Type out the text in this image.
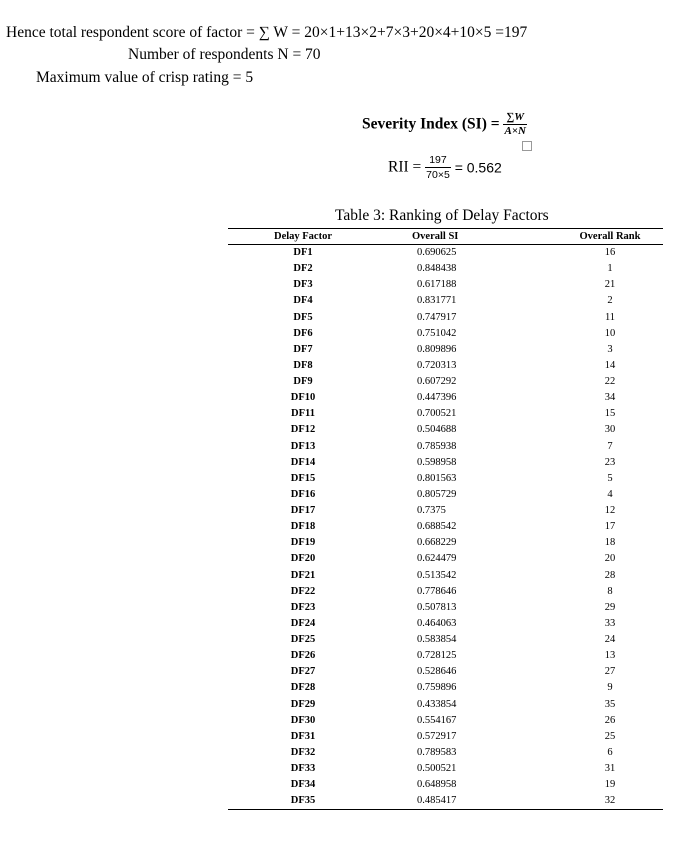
Hence total respondent score of factor = ∑ W = 20×1+13×2+7×3+20×4+10×5 =197
Number of respondents N = 70
Maximum value of crisp rating = 5
Severity Index $(SI) = \frac{\sum W}{A\times N}$
RII = $\frac{197}{70\times 5} = 0.562$
Table 3: Ranking of Delay Factors
Delay Factor	Overall SI	Overall Rank
DF1	0.690625	16
DF2	0.848438	1
DF3	0.617188	21
DF4	0.831771	2
DF5	0.747917	11
DF6	0.751042	10
DF7	0.809896	3
DF8	0.720313	14
DF9	0.607292	22
DF10	0.447396	34
DF11	0.700521	15
DF12	0.504688	30
DF13	0.785938	7
DF14	0.598958	23
DF15	0.801563	5
DF16	0.805729	4
DF17	0.7375	12
DF18	0.688542	17
DF19	0.668229	18
DF20	0.624479	20
DF21	0.513542	28
DF22	0.778646	8
DF23	0.507813	29
DF24	0.464063	33
DF25	0.583854	24
DF26	0.728125	13
DF27	0.528646	27
DF28	0.759896	9
DF29	0.433854	35
DF30	0.554167	26
DF31	0.572917	25
DF32	0.789583	6
DF33	0.500521	31
DF34	0.648958	19
DF35	0.485417	32
